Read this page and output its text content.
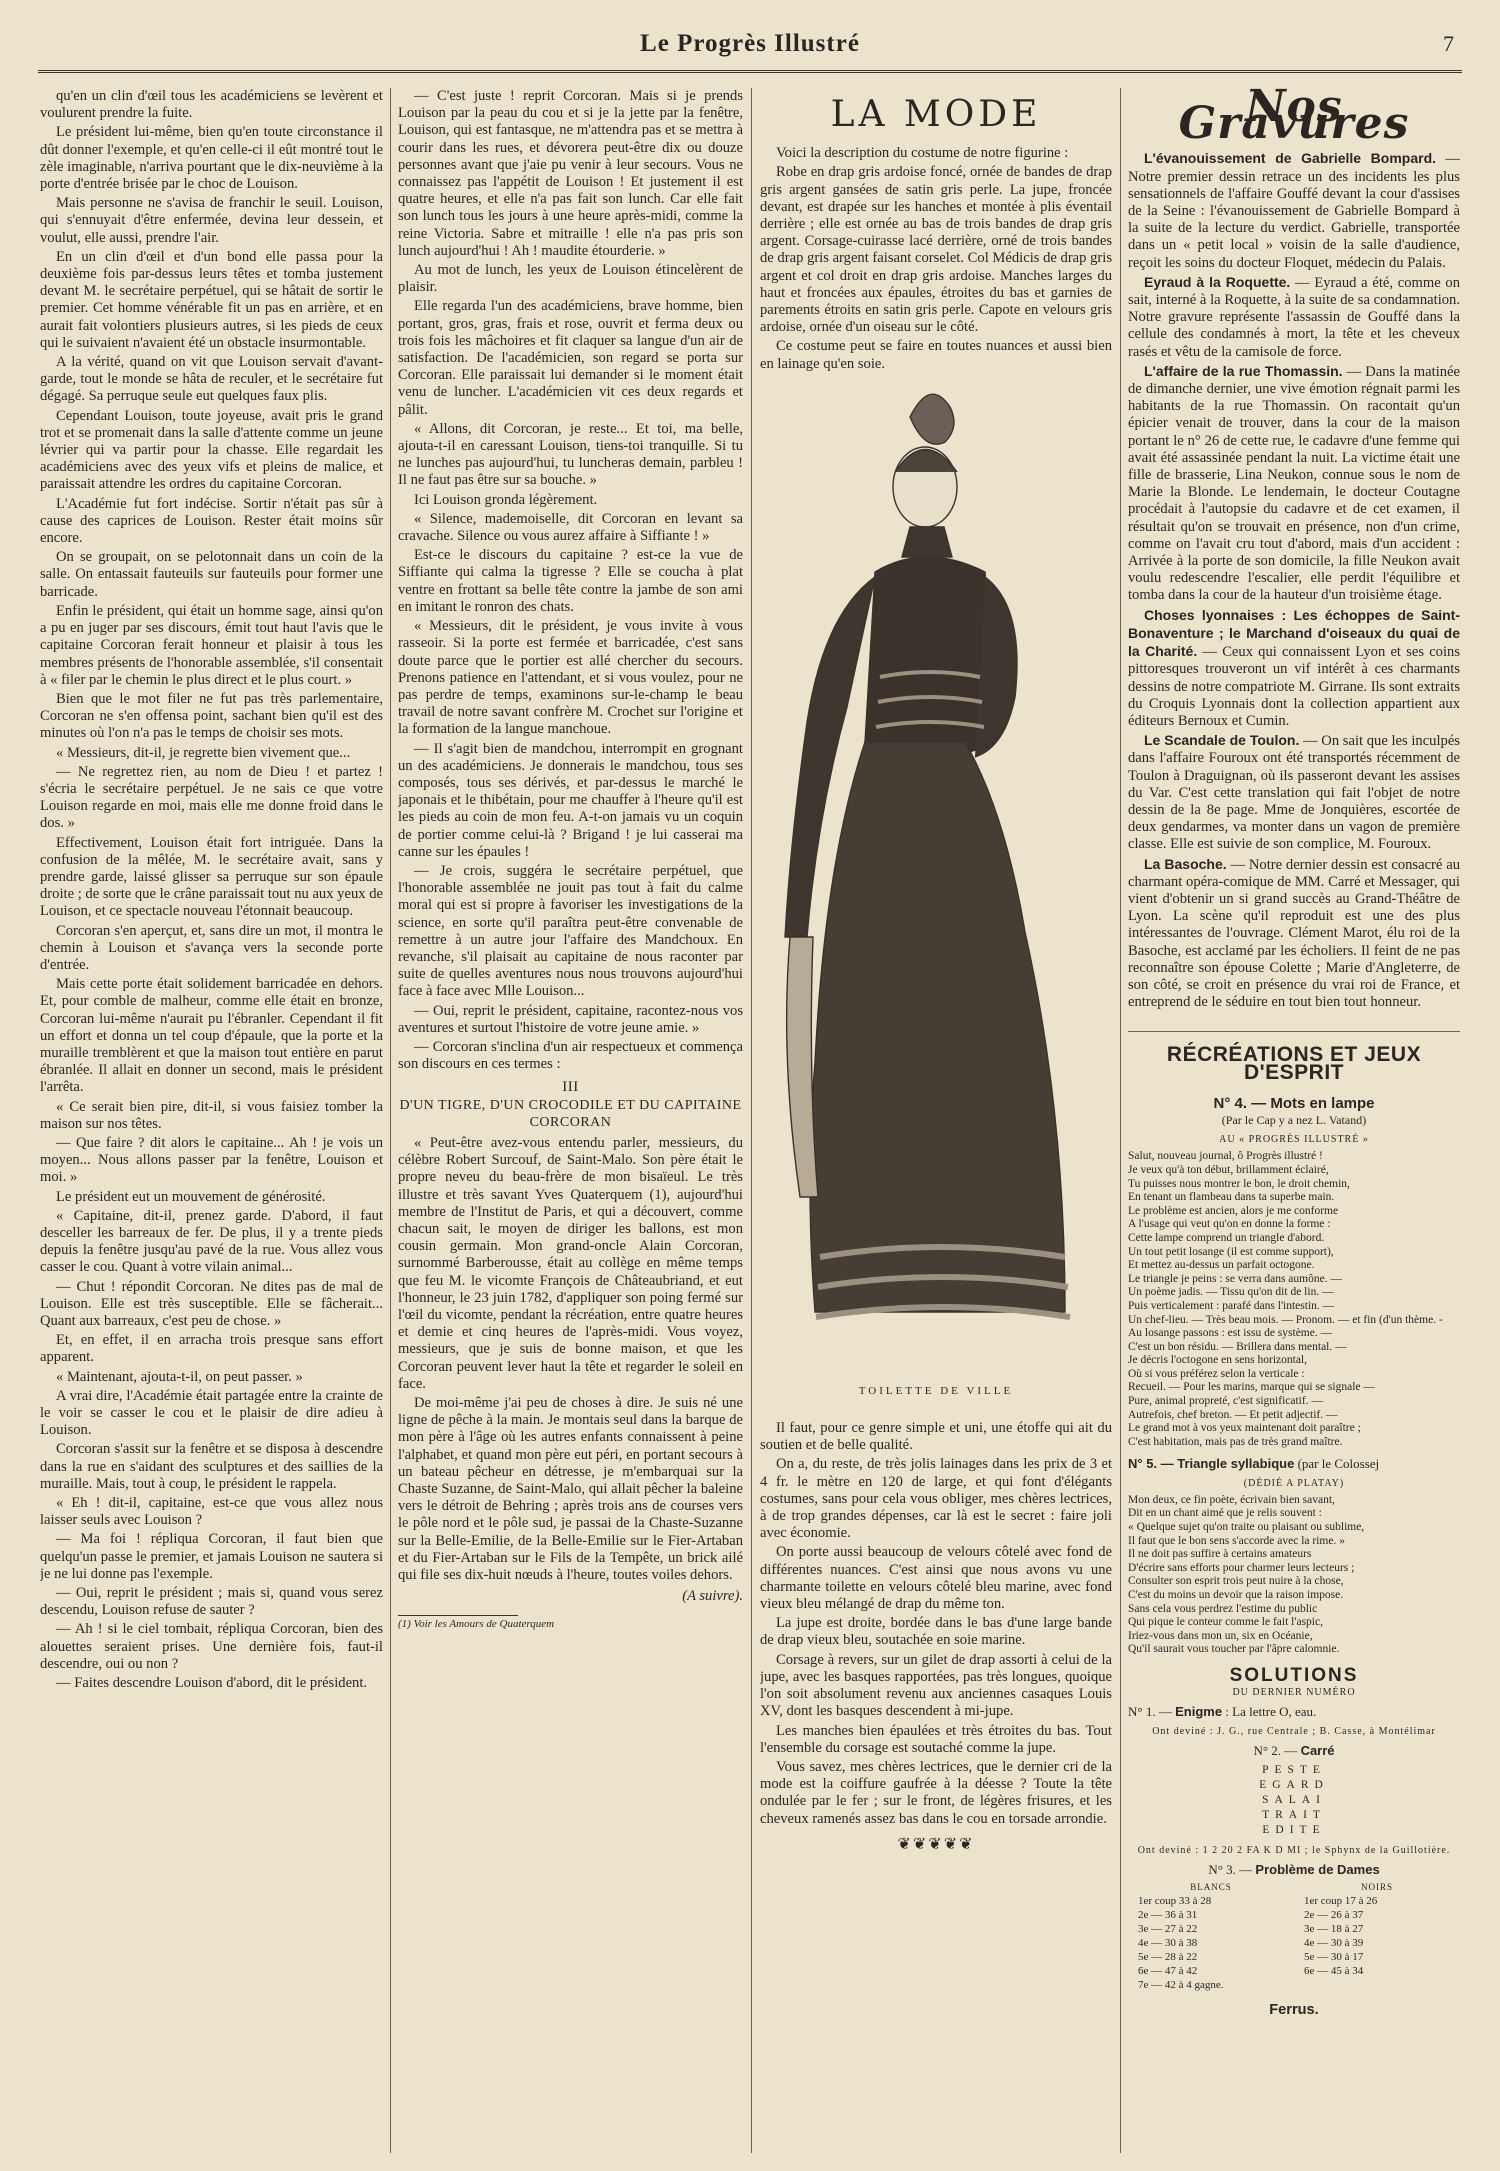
Le Progrès Illustré	7

qu'en un clin d'œil tous les académiciens se levèrent et voulurent prendre la fuite.

Le président lui-même, bien qu'en toute circonstance il dût donner l'exemple, et qu'en celle-ci il eût montré tout le zèle imaginable, n'arriva pourtant que le dix-neuvième à la porte d'entrée brisée par le choc de Louison.

Mais personne ne s'avisa de franchir le seuil. Louison, qui s'ennuyait d'être enfermée, devina leur dessein, et voulut, elle aussi, prendre l'air.

En un clin d'œil et d'un bond elle passa pour la deuxième fois par-dessus leurs têtes et tomba justement devant M. le secrétaire perpétuel, qui se hâtait de sortir le premier. Cet homme vénérable fit un pas en arrière, et en aurait fait volontiers plusieurs autres, si les pieds de ceux qui le suivaient n'avaient été un obstacle insurmontable.

A la vérité, quand on vit que Louison servait d'avant-garde, tout le monde se hâta de reculer, et le secrétaire fut dégagé. Sa perruque seule eut quelques faux plis.

Cependant Louison, toute joyeuse, avait pris le grand trot et se promenait dans la salle d'attente comme un jeune lévrier qui va partir pour la chasse. Elle regardait les académiciens avec des yeux vifs et pleins de malice, et paraissait attendre les ordres du capitaine Corcoran.

L'Académie fut fort indécise. Sortir n'était pas sûr à cause des caprices de Louison. Rester était moins sûr encore.

On se groupait, on se pelotonnait dans un coin de la salle. On entassait fauteuils sur fauteuils pour former une barricade.

Enfin le président, qui était un homme sage, ainsi qu'on a pu en juger par ses discours, émit tout haut l'avis que le capitaine Corcoran ferait honneur et plaisir à tous les membres présents de l'honorable assemblée, s'il consentait à « filer par le chemin le plus direct et le plus court. »

Bien que le mot filer ne fut pas très parlementaire, Corcoran ne s'en offensa point, sachant bien qu'il est des minutes où l'on n'a pas le temps de choisir ses mots.

« Messieurs, dit-il, je regrette bien vivement que...

— Ne regrettez rien, au nom de Dieu ! et partez ! s'écria le secrétaire perpétuel. Je ne sais ce que votre Louison regarde en moi, mais elle me donne froid dans le dos. »

Effectivement, Louison était fort intriguée. Dans la confusion de la mêlée, M. le secrétaire avait, sans y prendre garde, laissé glisser sa perruque sur son épaule droite ; de sorte que le crâne paraissait tout nu aux yeux de Louison, et ce spectacle nouveau l'étonnait beaucoup.

Corcoran s'en aperçut, et, sans dire un mot, il montra le chemin à Louison et s'avança vers la seconde porte d'entrée.

Mais cette porte était solidement barricadée en dehors. Et, pour comble de malheur, comme elle était en bronze, Corcoran lui-même n'aurait pu l'ébranler. Cependant il fit un effort et donna un tel coup d'épaule, que la porte et la muraille tremblèrent et que la maison tout entière en parut ébranlée. Il allait en donner un second, mais le président l'arrêta.

« Ce serait bien pire, dit-il, si vous faisiez tomber la maison sur nos têtes.

— Que faire ? dit alors le capitaine... Ah ! je vois un moyen... Nous allons passer par la fenêtre, Louison et moi. »

Le président eut un mouvement de générosité.

« Capitaine, dit-il, prenez garde. D'abord, il faut desceller les barreaux de fer. De plus, il y a trente pieds depuis la fenêtre jusqu'au pavé de la rue. Vous allez vous casser le cou. Quant à votre vilain animal...

— Chut ! répondit Corcoran. Ne dites pas de mal de Louison. Elle est très susceptible. Elle se fâcherait... Quant aux barreaux, c'est peu de chose. »

Et, en effet, il en arracha trois presque sans effort apparent.

« Maintenant, ajouta-t-il, on peut passer. »

A vrai dire, l'Académie était partagée entre la crainte de le voir se casser le cou et le plaisir de dire adieu à Louison.

Corcoran s'assit sur la fenêtre et se disposa à descendre dans la rue en s'aidant des sculptures et des saillies de la muraille. Mais, tout à coup, le président le rappela.

« Eh ! dit-il, capitaine, est-ce que vous allez nous laisser seuls avec Louison ?

— Ma foi ! répliqua Corcoran, il faut bien que quelqu'un passe le premier, et jamais Louison ne sautera si je ne lui donne pas l'exemple.

— Oui, reprit le président ; mais si, quand vous serez descendu, Louison refuse de sauter ?

— Ah ! si le ciel tombait, répliqua Corcoran, bien des alouettes seraient prises. Une dernière fois, faut-il descendre, oui ou non ?

— Faites descendre Louison d'abord, dit le président.

— C'est juste ! reprit Corcoran. Mais si je prends Louison par la peau du cou et si je la jette par la fenêtre, Louison, qui est fantasque, ne m'attendra pas et se mettra à courir dans les rues, et dévorera peut-être dix ou douze personnes avant que j'aie pu venir à leur secours. Vous ne connaissez pas l'appétit de Louison ! Et justement il est quatre heures, et elle n'a pas fait son lunch. Car elle fait son lunch tous les jours à une heure après-midi, comme la reine Victoria. Sabre et mitraille ! elle n'a pas pris son lunch aujourd'hui ! Ah ! maudite étourderie. »

Au mot de lunch, les yeux de Louison étincelèrent de plaisir.

Elle regarda l'un des académiciens, brave homme, bien portant, gros, gras, frais et rose, ouvrit et ferma deux ou trois fois les mâchoires et fit claquer sa langue d'un air de satisfaction. De l'académicien, son regard se porta sur Corcoran. Elle paraissait lui demander si le moment était venu de luncher. L'académicien vit ces deux regards et pâlit.

« Allons, dit Corcoran, je reste... Et toi, ma belle, ajouta-t-il en caressant Louison, tiens-toi tranquille. Si tu ne lunches pas aujourd'hui, tu luncheras demain, parbleu ! Il ne faut pas être sur sa bouche. »

Ici Louison gronda légèrement.

« Silence, mademoiselle, dit Corcoran en levant sa cravache. Silence ou vous aurez affaire à Siffiante ! »

Est-ce le discours du capitaine ? est-ce la vue de Siffiante qui calma la tigresse ? Elle se coucha à plat ventre en frottant sa belle tête contre la jambe de son ami en imitant le ronron des chats.

« Messieurs, dit le président, je vous invite à vous rasseoir. Si la porte est fermée et barricadée, c'est sans doute parce que le portier est allé chercher du secours. Prenons patience en l'attendant, et si vous voulez, pour ne pas perdre de temps, examinons sur-le-champ le beau travail de notre savant confrère M. Crochet sur l'origine et la formation de la langue manchoue.

— Il s'agit bien de mandchou, interrompit en grognant un des académiciens. Je donnerais le mandchou, tous ses composés, tous ses dérivés, et par-dessus le marché le japonais et le thibétain, pour me chauffer à l'heure qu'il est les pieds au coin de mon feu. A-t-on jamais vu un coquin de portier comme celui-là ? Brigand ! je lui casserai ma canne sur les épaules !

— Je crois, suggéra le secrétaire perpétuel, que l'honorable assemblée ne jouit pas tout à fait du calme moral qui est si propre à favoriser les investigations de la science, en sorte qu'il paraîtra peut-être convenable de remettre à un autre jour l'affaire des Mandchoux. En revanche, s'il plaisait au capitaine de nous raconter par suite de quelles aventures nous nous trouvons aujourd'hui face à face avec Mlle Louison...

— Oui, reprit le président, capitaine, racontez-nous vos aventures et surtout l'histoire de votre jeune amie. »

— Corcoran s'inclina d'un air respectueux et commença son discours en ces termes :

III
D'UN TIGRE, D'UN CROCODILE ET DU CAPITAINE CORCORAN

« Peut-être avez-vous entendu parler, messieurs, du célèbre Robert Surcouf, de Saint-Malo. Son père était le propre neveu du beau-frère de mon bisaïeul. Le très illustre et très savant Yves Quaterquem (1), aujourd'hui membre de l'Institut de Paris, et qui a découvert, comme chacun sait, le moyen de diriger les ballons, est mon cousin germain. Mon grand-oncle Alain Corcoran, surnommé Barberousse, était au collège en même temps que feu M. le vicomte François de Châteaubriand, et eut l'honneur, le 23 juin 1782, d'appliquer son poing fermé sur l'œil du vicomte, pendant la récréation, entre quatre heures et demie et cinq heures de l'après-midi. Vous voyez, messieurs, que je suis de bonne maison, et que les Corcoran peuvent lever haut la tête et regarder le soleil en face.

De moi-même j'ai peu de choses à dire. Je suis né une ligne de pêche à la main. Je montais seul dans la barque de mon père à l'âge où les autres enfants connaissent à peine l'alphabet, et quand mon père eut péri, en portant secours à un bateau pêcheur en détresse, je m'embarquai sur la Chaste Suzanne, de Saint-Malo, qui allait pêcher la baleine vers le détroit de Behring ; après trois ans de courses vers le pôle nord et le pôle sud, je passai de la Chaste-Suzanne sur la Belle-Emilie, de la Belle-Emilie sur le Fier-Artaban et du Fier-Artaban sur le Fils de la Tempête, un brick ailé qui file ses dix-huit nœuds à l'heure, toutes voiles dehors.

(A suivre).
(1) Voir les Amours de Quaterquem
LA MODE

Voici la description du costume de notre figurine :

Robe en drap gris ardoise foncé, ornée de bandes de drap gris argent gansées de satin gris perle. La jupe, froncée devant, est drapée sur les hanches et montée à plis éventail derrière ; elle est ornée au bas de trois bandes de drap gris argent. Corsage-cuirasse lacé derrière, orné de trois bandes de drap gris argent faisant corselet. Col Médicis de drap gris argent et col droit en drap gris ardoise. Manches larges du haut et froncées aux épaules, étroites du bas et garnies de parements étroits en satin gris perle. Capote en velours gris ardoise, ornée d'un oiseau sur le côté.

Ce costume peut se faire en toutes nuances et aussi bien en lainage qu'en soie.

TOILETTE DE VILLE

Il faut, pour ce genre simple et uni, une étoffe qui ait du soutien et de belle qualité.

On a, du reste, de très jolis lainages dans les prix de 3 et 4 fr. le mètre en 120 de large, et qui font d'élégants costumes, sans pour cela vous obliger, mes chères lectrices, à de trop grandes dépenses, car là est le secret : faire joli avec économie.

On porte aussi beaucoup de velours côtelé avec fond de différentes nuances. C'est ainsi que nous avons vu une charmante toilette en velours côtelé bleu marine, avec fond vieux bleu mélangé de drap du même ton.

La jupe est droite, bordée dans le bas d'une large bande de drap vieux bleu, soutachée en soie marine.

Corsage à revers, sur un gilet de drap assorti à celui de la jupe, avec les basques rapportées, pas très longues, quoique l'on soit absolument revenu aux anciennes casaques Louis XV, dont les basques descendent à mi-jupe.

Les manches bien épaulées et très étroites du bas. Tout l'ensemble du corsage est soutaché comme la jupe.

Vous savez, mes chères lectrices, que le dernier cri de la mode est la coiffure gaufrée à la déesse ? Toute la tête ondulée par le fer ; sur le front, de légères frisures, et les cheveux ramenés assez bas dans le cou en torsade arrondie.

❦❦❦❦❦
Nos Gravures

L'évanouissement de Gabrielle Bompard. — Notre premier dessin retrace un des incidents les plus sensationnels de l'affaire Gouffé devant la cour d'assises de la Seine : l'évanouissement de Gabrielle Bompard à la suite de la lecture du verdict. Gabrielle, transportée dans un « petit local » voisin de la salle d'audience, reçoit les soins du docteur Floquet, médecin du Palais.

Eyraud à la Roquette. — Eyraud a été, comme on sait, interné à la Roquette, à la suite de sa condamnation. Notre gravure représente l'assassin de Gouffé dans la cellule des condamnés à mort, la tête et les cheveux rasés et vêtu de la camisole de force.

L'affaire de la rue Thomassin. — Dans la matinée de dimanche dernier, une vive émotion régnait parmi les habitants de la rue Thomassin. On racontait qu'un épicier venait de trouver, dans la cour de la maison portant le n° 26 de cette rue, le cadavre d'une femme qui avait été assassinée pendant la nuit. La victime était une fille de brasserie, Lina Neukon, connue sous le nom de Marie la Blonde. Le lendemain, le docteur Coutagne procédait à l'autopsie du cadavre et de cet examen, il résultait qu'on se trouvait en présence, non d'un crime, comme on l'avait cru tout d'abord, mais d'un accident : Arrivée à la porte de son domicile, la fille Neukon avait voulu redescendre l'escalier, elle perdit l'équilibre et tomba dans la cour de la hauteur d'un troisième étage.

Choses lyonnaises : Les échoppes de Saint-Bonaventure ; le Marchand d'oiseaux du quai de la Charité. — Ceux qui connaissent Lyon et ses coins pittoresques trouveront un vif intérêt à ces charmants dessins de notre compatriote M. Girrane. Ils sont extraits du Croquis Lyonnais dont la collection appartient aux éditeurs Bernoux et Cumin.

Le Scandale de Toulon. — On sait que les inculpés dans l'affaire Fouroux ont été transportés récemment de Toulon à Draguignan, où ils passeront devant les assises du Var. C'est cette translation qui fait l'objet de notre dessin de la 8e page. Mme de Jonquières, escortée de deux gendarmes, va monter dans un vagon de première classe. Elle est suivie de son complice, M. Fouroux.

La Basoche. — Notre dernier dessin est consacré au charmant opéra-comique de MM. Carré et Messager, qui vient d'obtenir un si grand succès au Grand-Théâtre de Lyon. La scène qu'il reproduit est une des plus intéressantes de l'ouvrage. Clément Marot, élu roi de la Basoche, est acclamé par les écholiers. Il feint de ne pas reconnaître son épouse Colette ; Marie d'Angleterre, de son côté, se croit en présence du vrai roi de France, et entreprend de le séduire en tout bien tout honneur.

RÉCRÉATIONS ET JEUX D'ESPRIT
N° 4. — Mots en lampe
(Par le Cap y a nez L. Vatand)
AU « PROGRÈS ILLUSTRÉ »
Salut, nouveau journal, ô Progrès illustré !
Je veux qu'à ton début, brillamment éclairé,
Tu puisses nous montrer le bon, le droit chemin,
En tenant un flambeau dans ta superbe main.
Le problème est ancien, alors je me conforme
A l'usage qui veut qu'on en donne la forme :
Cette lampe comprend un triangle d'abord.
Un tout petit losange (il est comme support),
Et mettez au-dessus un parfait octogone.
Le triangle je peins : se verra dans aumône. —
Un poème jadis. — Tissu qu'on dit de lin. —
Puis verticalement : parafé dans l'intestin. —
Un chef-lieu. — Très beau mois. — Pronom. — et fin (d'un thème. -
Au losange passons : est issu de système. —
C'est un bon résidu. — Brillera dans mental. —
Je décris l'octogone en sens horizontal,
Où si vous préférez selon la verticale :
Recueil. — Pour les marins, marque qui se signale —
Pure, animal propreté, c'est significatif. —
Autrefois, chef breton. — Et petit adjectif. —
Le grand mot à vos yeux maintenant doit paraître ;
C'est habitation, mais pas de très grand maître.
N° 5. — Triangle syllabique (par le Colossej
(DÉDIÉ A PLATAY)
Mon deux, ce fin poète, écrivain bien savant,
Dit en un chant aimé que je relis souvent :
« Quelque sujet qu'on traite ou plaisant ou sublime,
Il faut que le bon sens s'accorde avec la rime. »
Il ne doit pas suffire à certains amateurs
D'écrire sans efforts pour charmer leurs lecteurs ;
Consulter son esprit trois peut nuire à la chose,
C'est du moins un devoir que la raison impose.
Sans cela vous perdrez l'estime du public
Qui pique le conteur comme le fait l'aspic,
Iriez-vous dans mon un, six en Océanie,
Qu'il saurait vous toucher par l'âpre calomnie.
SOLUTIONS
DU DERNIER NUMÉRO
N° 1. — Enigme : La lettre O, eau.
Ont deviné : J. G., rue Centrale ; B. Casse, à Montélimar
N° 2. — Carré
PESTE
EGARD
SALAI
TRAIT
EDITE
Ont deviné : 1 2 20 2 FA K D MI ; le Sphynx de la Guillotière.
N° 3. — Problème de Dames
BLANCS	NOIRS
1er coup 33 à 28
2e — 36 à 31
3e — 27 à 22
4e — 30 à 38
5e — 28 à 22
6e — 47 à 42
7e — 42 à 4 gagne.
1er coup 17 à 26
2e — 26 à 37
3e — 18 à 27
4e — 30 à 39
5e — 30 à 17
6e — 45 à 34
Ferrus.
